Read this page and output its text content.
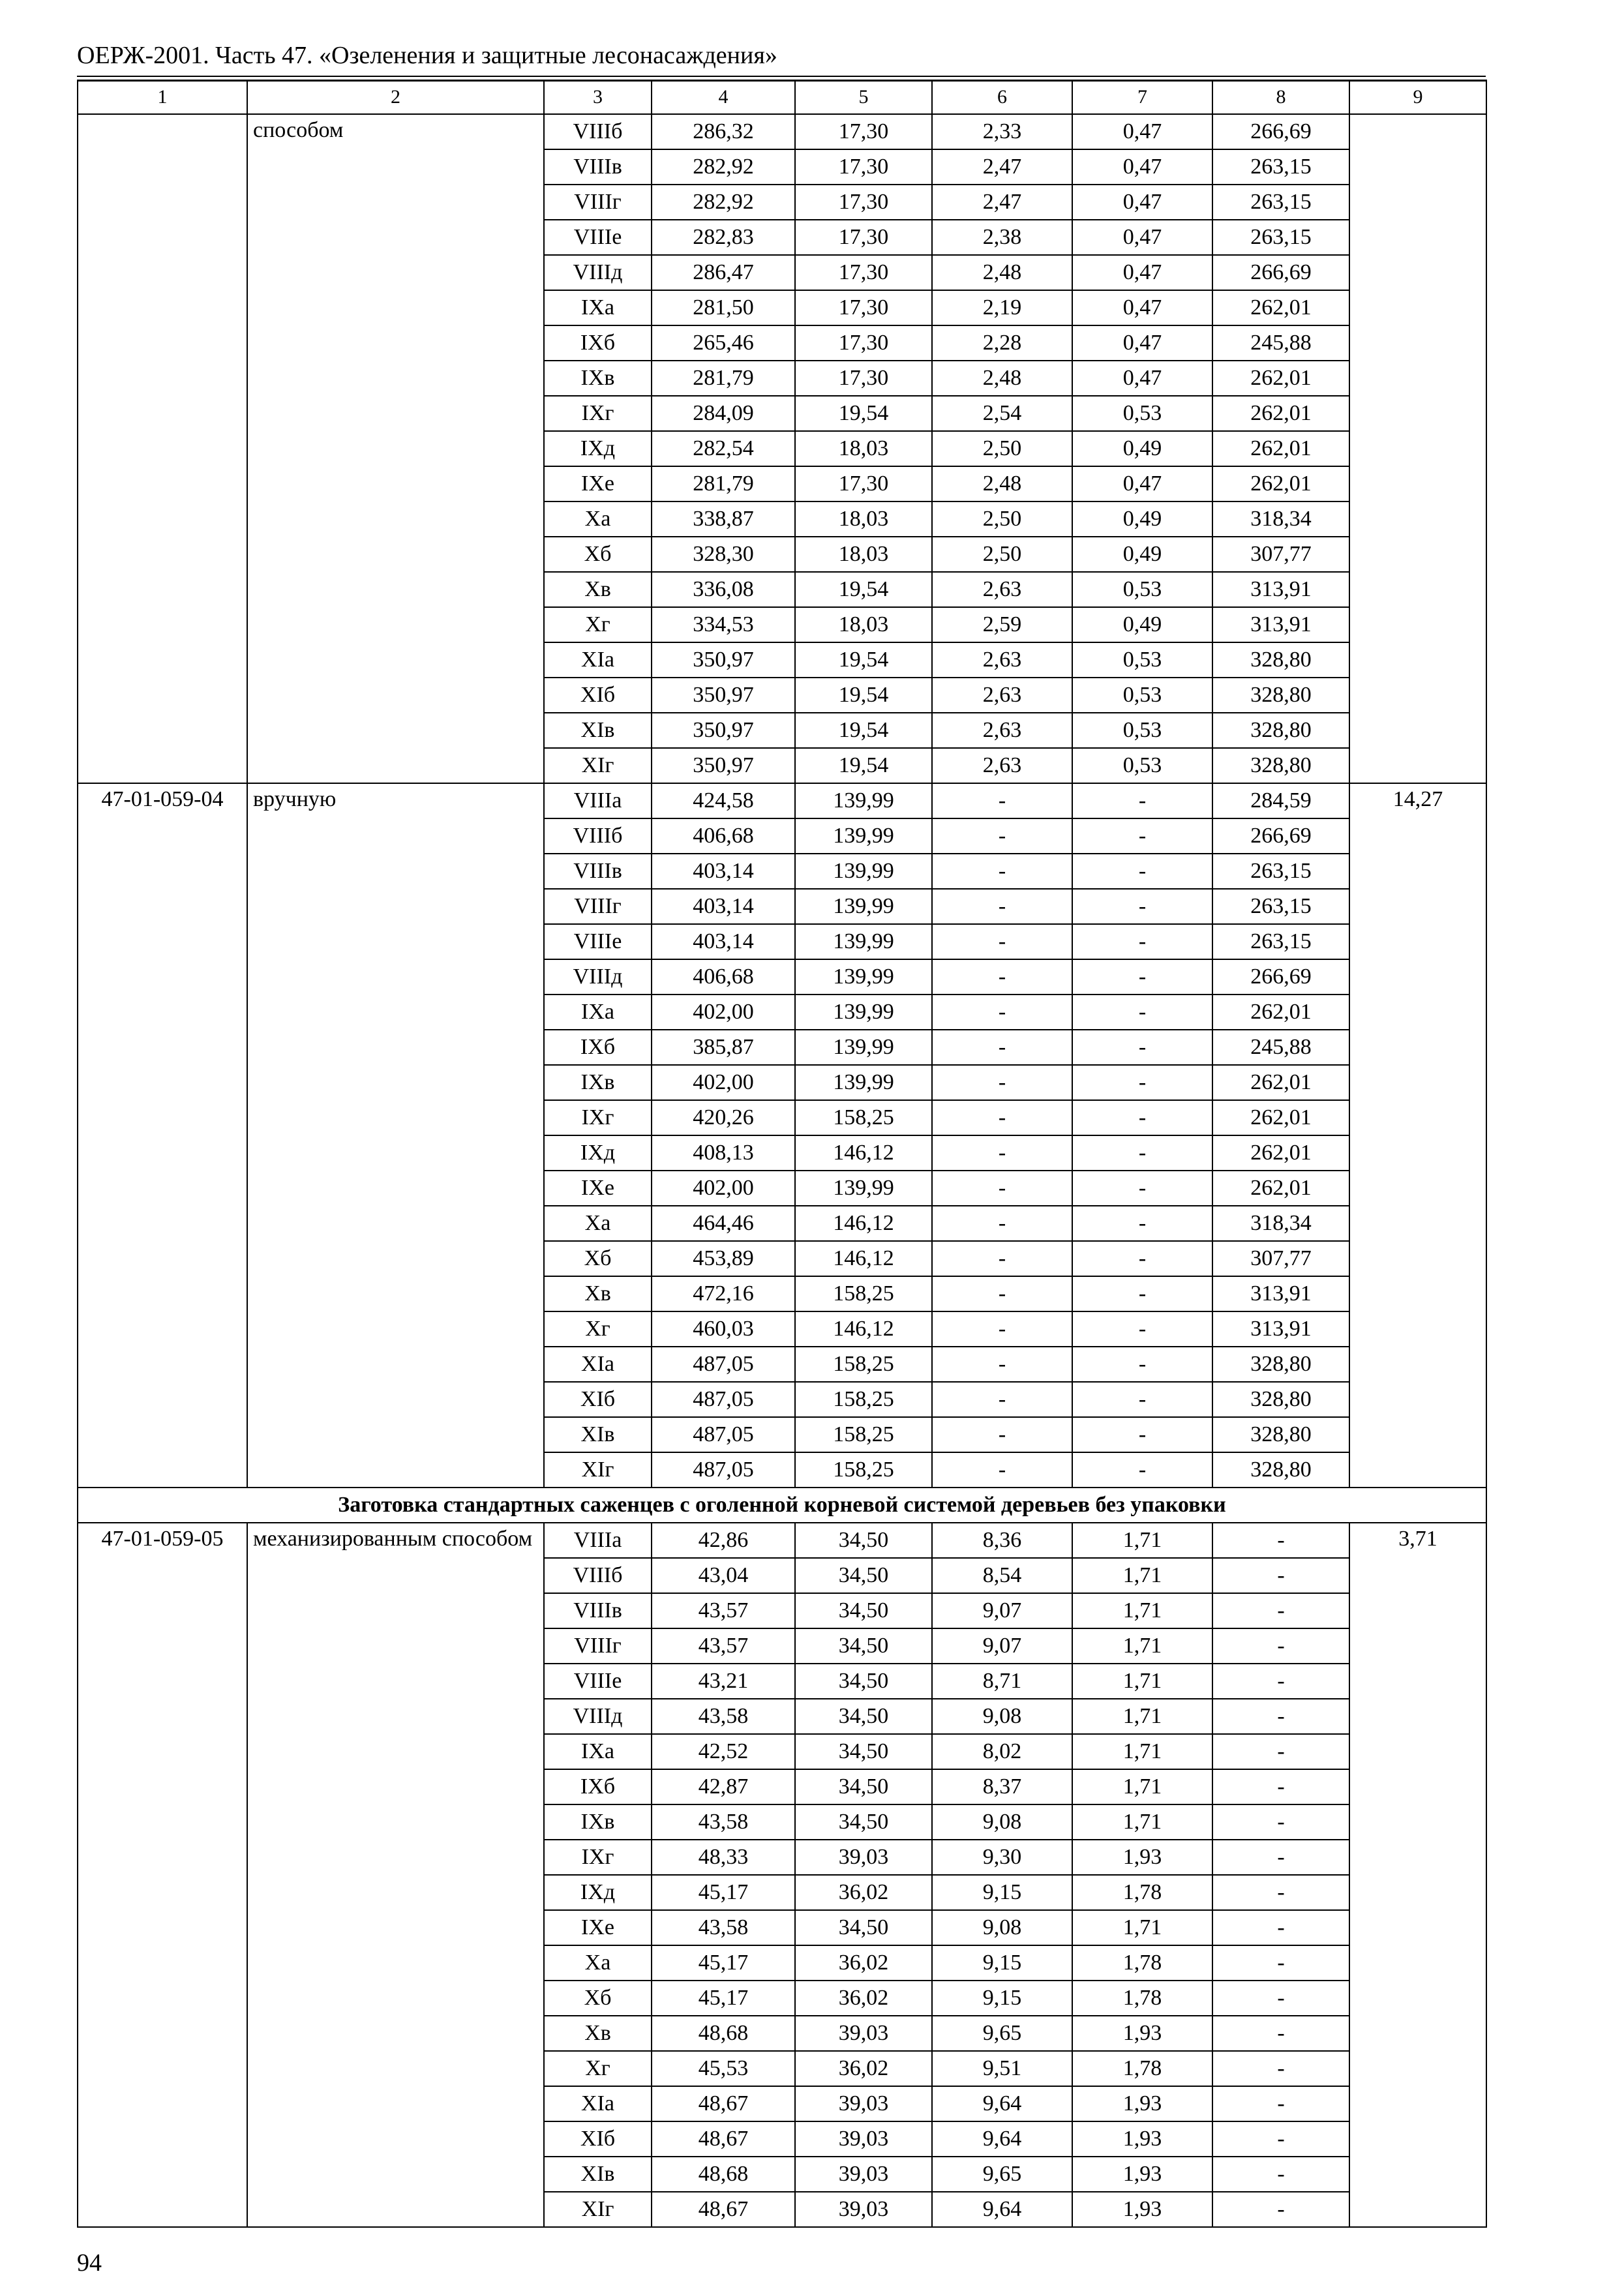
ОЕРЖ-2001. Часть 47. «Озеленения и защитные лесонасаждения»
1	2	3	4	5	6	7	8	9
	способом	VIIIб	286,32	17,30	2,33	0,47	266,69	
		VIIIв	282,92	17,30	2,47	0,47	263,15	
		VIIIг	282,92	17,30	2,47	0,47	263,15	
		VIIIе	282,83	17,30	2,38	0,47	263,15	
		VIIIд	286,47	17,30	2,48	0,47	266,69	
		IXа	281,50	17,30	2,19	0,47	262,01	
		IXб	265,46	17,30	2,28	0,47	245,88	
		IXв	281,79	17,30	2,48	0,47	262,01	
		IXг	284,09	19,54	2,54	0,53	262,01	
		IXд	282,54	18,03	2,50	0,49	262,01	
		IXе	281,79	17,30	2,48	0,47	262,01	
		Xа	338,87	18,03	2,50	0,49	318,34	
		Xб	328,30	18,03	2,50	0,49	307,77	
		Xв	336,08	19,54	2,63	0,53	313,91	
		Xг	334,53	18,03	2,59	0,49	313,91	
		XIа	350,97	19,54	2,63	0,53	328,80	
		XIб	350,97	19,54	2,63	0,53	328,80	
		XIв	350,97	19,54	2,63	0,53	328,80	
		XIг	350,97	19,54	2,63	0,53	328,80	
47-01-059-04	вручную	VIIIа	424,58	139,99	-	-	284,59	14,27
		VIIIб	406,68	139,99	-	-	266,69	
		VIIIв	403,14	139,99	-	-	263,15	
		VIIIг	403,14	139,99	-	-	263,15	
		VIIIе	403,14	139,99	-	-	263,15	
		VIIIд	406,68	139,99	-	-	266,69	
		IXа	402,00	139,99	-	-	262,01	
		IXб	385,87	139,99	-	-	245,88	
		IXв	402,00	139,99	-	-	262,01	
		IXг	420,26	158,25	-	-	262,01	
		IXд	408,13	146,12	-	-	262,01	
		IXе	402,00	139,99	-	-	262,01	
		Xа	464,46	146,12	-	-	318,34	
		Xб	453,89	146,12	-	-	307,77	
		Xв	472,16	158,25	-	-	313,91	
		Xг	460,03	146,12	-	-	313,91	
		XIа	487,05	158,25	-	-	328,80	
		XIб	487,05	158,25	-	-	328,80	
		XIв	487,05	158,25	-	-	328,80	
		XIг	487,05	158,25	-	-	328,80	
Заготовка стандартных саженцев с оголенной корневой системой деревьев без упаковки								
47-01-059-05	механизированным способом	VIIIа	42,86	34,50	8,36	1,71	-	3,71
		VIIIб	43,04	34,50	8,54	1,71	-	
		VIIIв	43,57	34,50	9,07	1,71	-	
		VIIIг	43,57	34,50	9,07	1,71	-	
		VIIIе	43,21	34,50	8,71	1,71	-	
		VIIIд	43,58	34,50	9,08	1,71	-	
		IXа	42,52	34,50	8,02	1,71	-	
		IXб	42,87	34,50	8,37	1,71	-	
		IXв	43,58	34,50	9,08	1,71	-	
		IXг	48,33	39,03	9,30	1,93	-	
		IXд	45,17	36,02	9,15	1,78	-	
		IXе	43,58	34,50	9,08	1,71	-	
		Xа	45,17	36,02	9,15	1,78	-	
		Xб	45,17	36,02	9,15	1,78	-	
		Xв	48,68	39,03	9,65	1,93	-	
		Xг	45,53	36,02	9,51	1,78	-	
		XIа	48,67	39,03	9,64	1,93	-	
		XIб	48,67	39,03	9,64	1,93	-	
		XIв	48,68	39,03	9,65	1,93	-	
		XIг	48,67	39,03	9,64	1,93	-	
94
